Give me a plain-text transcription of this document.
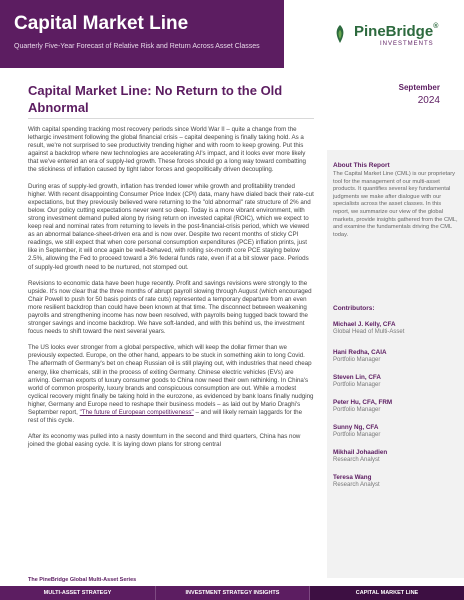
Capital Market Line
Quarterly Five-Year Forecast of Relative Risk and Return Across Asset Classes
PineBridge®
INVESTMENTS
Capital Market Line: No Return to the Old Abnormal
September
2024

With capital spending tracking most recovery periods since World War II – quite a change from the lethargic investment following the global financial crisis – capital deepening is finally taking hold. As a result, we're not surprised to see productivity trending higher and with room to keep growing. Put this against a backdrop where new technologies are accelerating AI's impact, and it looks ever more likely that we've entered an era of supply-led growth. These forces should go a long way toward combatting the stickiness of inflation caused by tight labor forces and geopolitically driven decoupling.

During eras of supply-led growth, inflation has trended lower while growth and profitability trended higher. With recent disappointing Consumer Price Index (CPI) data, many have dialed back their rate-cut expectations, but they previously believed were returning to the "old abnormal" rate structure of 2% and below. Our policy cutting expectations never went so deep. Today is a more vibrant environment, with strong investment demand pulled along by rising return on invested capital (ROIC), which we expect to keep real and nominal rates from returning to levels in the post-financial-crisis period, which we viewed as an abnormal balance-sheet-driven era and is now over. Despite two recent months of sticky CPI readings, we still expect that when core personal consumption expenditures (PCE) inflation prints, just like in September, it will once again be well-behaved, with rolling six-month core PCE staying below 2.5%, allowing the Fed to proceed toward a 3% federal funds rate, even if at a bit slower pace. Periods of supply-led growth need to be nurtured, not stomped out.

Revisions to economic data have been huge recently. Profit and savings revisions were strongly to the upside. It's now clear that the three months of abrupt payroll slowing through August (which encouraged Chair Powell to push for 50 basis points of rate cuts) represented a temporary departure from an even more resilient backdrop than could have been known at that time. The disconnect between weakening payrolls and strengthening income has now been resolved, with payrolls being tugged back toward the stronger savings and income backdrop. We have soft-landed, and with this behind us, the investment focus needs to shift toward the next several years.

The US looks ever stronger from a global perspective, which will keep the dollar firmer than we previously expected. Europe, on the other hand, appears to be stuck in something akin to long Covid. The aftermath of Germany's bet on cheap Russian oil is still playing out, with industries that need cheap energy, like chemicals, still in the process of exiting Germany. Chinese electric vehicles (EVs) are arriving. German exports of luxury consumer goods to China now need their own rethinking. In China's world of common prosperity, luxury brands and conspicuous consumption are out. While a modest cyclical recovery might finally be taking hold in the eurozone, as evidenced by bank loans finally nudging higher, Germany and Europe need to reshape their business models – as laid out by Mario Draghi's September report, "The future of European competitiveness" – and will likely remain laggards for the rest of this cycle.

After its economy was pulled into a nasty downturn in the second and third quarters, China has now joined the global easing cycle. It is laying down plans for strong central

About This Report
The Capital Market Line (CML) is our proprietary tool for the management of our multi-asset products. It quantifies several key fundamental judgments we make after dialogue with our specialists across the asset classes. In this report, we summarize our view of the global markets, provide insights gathered from the CML, and examine the fundamentals driving the CML today.
Contributors:
Michael J. Kelly, CFA
Global Head of Multi-Asset
Hani Redha, CAIA
Portfolio Manager
Steven Lin, CFA
Portfolio Manager
Peter Hu, CFA, FRM
Portfolio Manager
Sunny Ng, CFA
Portfolio Manager
Mikhail Johaadien
Research Analyst
Teresa Wang
Research Analyst
The PineBridge Global Multi-Asset Series
MULTI-ASSET STRATEGY	INVESTMENT STRATEGY INSIGHTS	CAPITAL MARKET LINE
